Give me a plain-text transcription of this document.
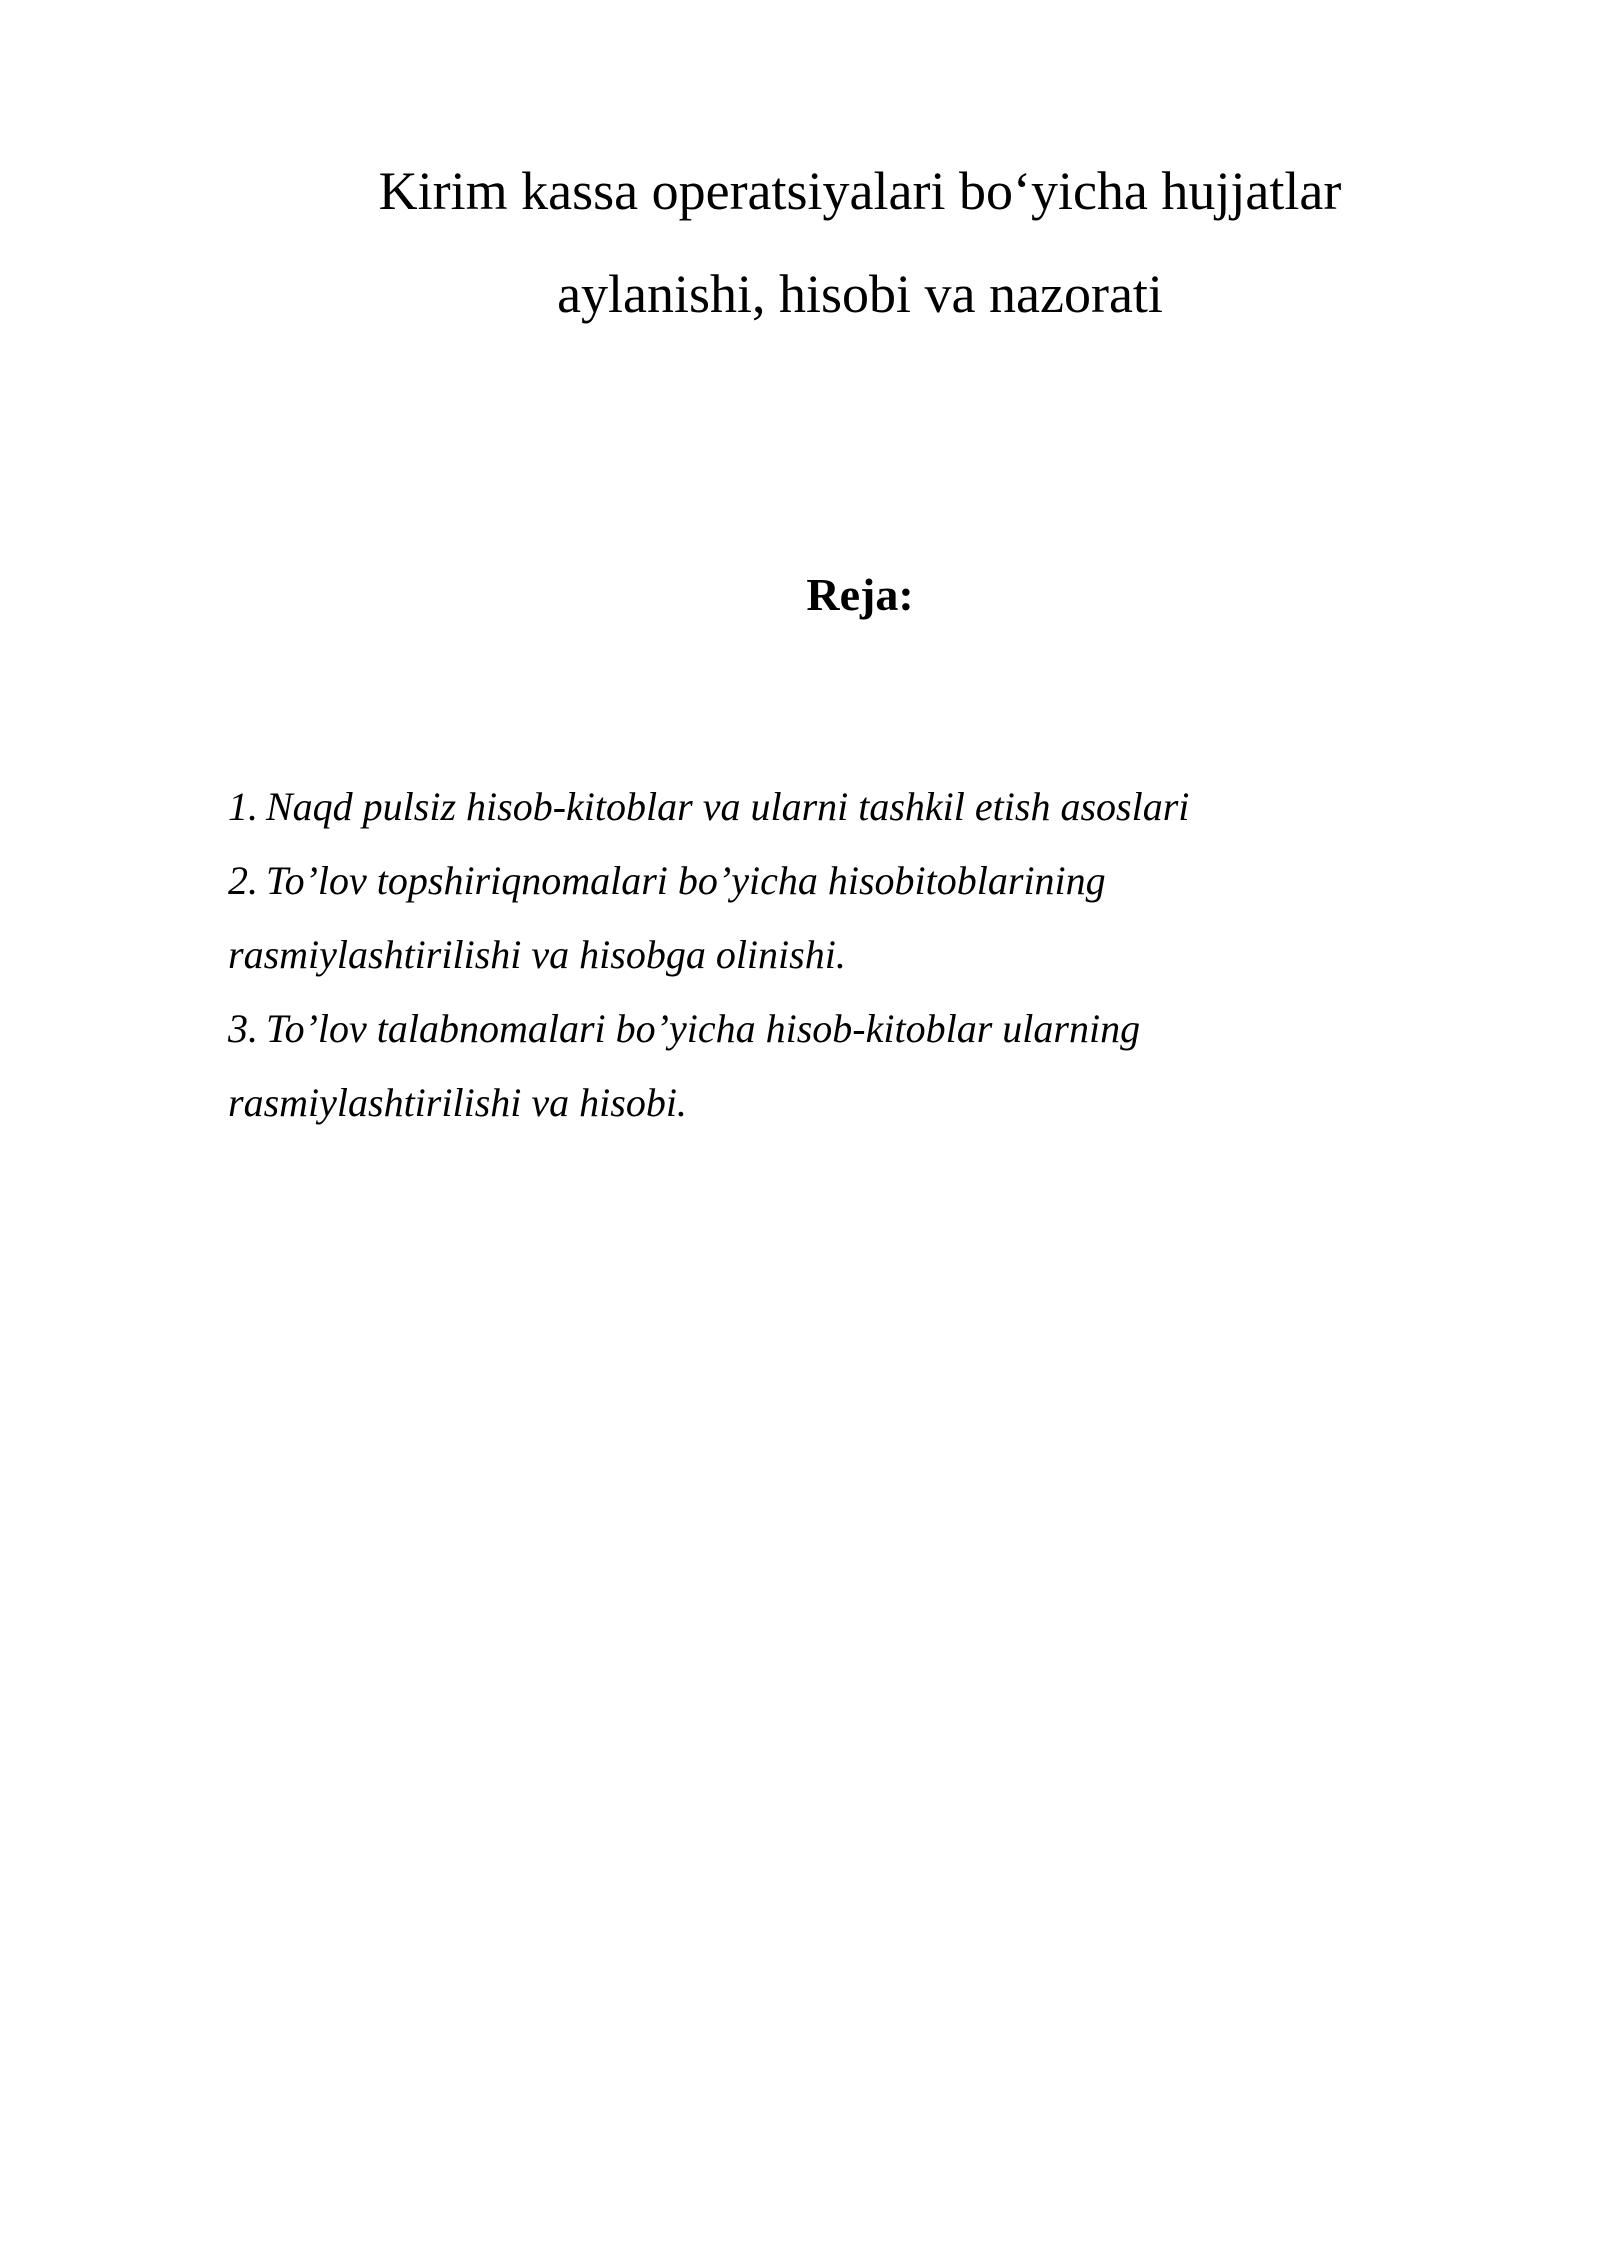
Kirim kassa operatsiyalari bo‘yicha hujjatlar
aylanishi, hisobi va nazorati
Reja:
1. Naqd pulsiz hisob-kitoblar va ularni tashkil etish asoslari
2. To’lov topshiriqnomalari bo’yicha hisobitoblarining
rasmiylashtirilishi va hisobga olinishi.
3. To’lov talabnomalari bo’yicha hisob-kitoblar ularning
rasmiylashtirilishi va hisobi.
